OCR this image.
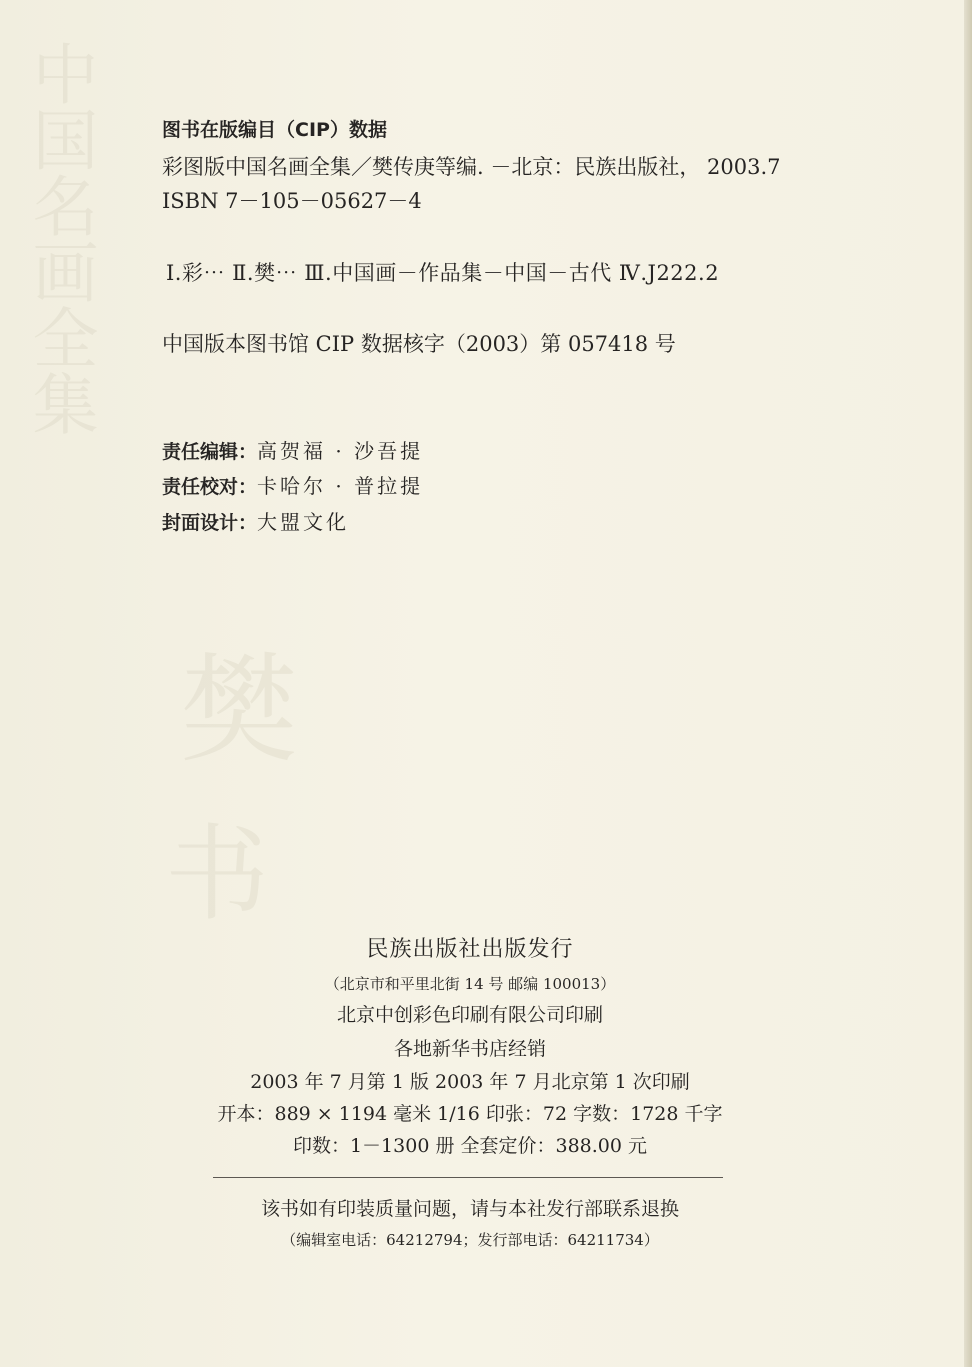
中国名画全集
樊
书
图书在版编目（CIP）数据
彩图版中国名画全集／樊传庚等编. －北京：民族出版社， 2003.7
ISBN 7－105－05627－4
Ⅰ.彩⋯ Ⅱ.樊⋯ Ⅲ.中国画－作品集－中国－古代 Ⅳ.J222.2
中国版本图书馆 CIP 数据核字（2003）第 057418 号
责任编辑：高贺福 · 沙吾提
责任校对：卡哈尔 · 普拉提
封面设计：大盟文化
民族出版社出版发行
（北京市和平里北街 14 号 邮编 100013）
北京中创彩色印刷有限公司印刷
各地新华书店经销
2003 年 7 月第 1 版 2003 年 7 月北京第 1 次印刷
开本：889 × 1194 毫米 1/16 印张：72 字数：1728 千字
印数：1－1300 册 全套定价：388.00 元
该书如有印装质量问题，请与本社发行部联系退换
（编辑室电话：64212794；发行部电话：64211734）
